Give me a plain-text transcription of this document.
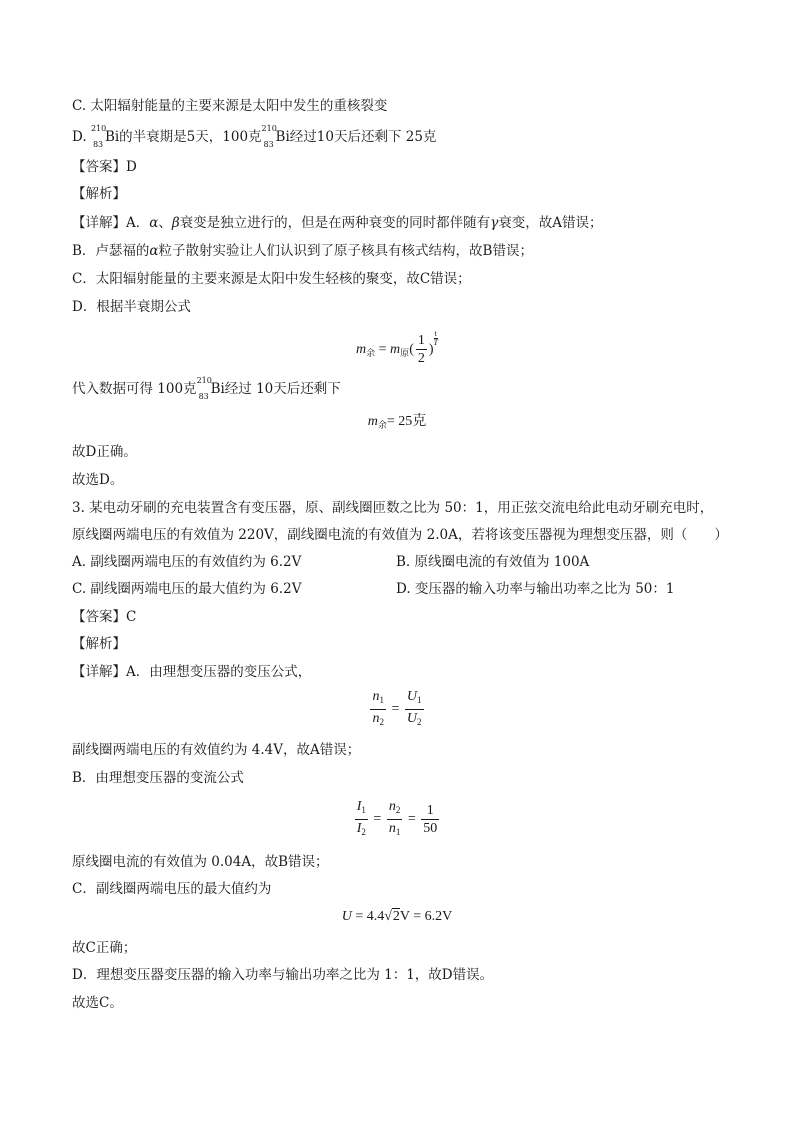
C. 太阳辐射能量的主要来源是太阳中发生的重核裂变
D.
210
83 Bi的半衰期是5天，100克
210
83 Bi经过10天后还剩下 25克
【答案】D
【解析】
【详解】A．α、β衰变是独立进行的，但是在两种衰变的同时都伴随有γ衰变，故A错误；
B．卢瑟福的α粒子散射实验让人们认识到了原子核具有核式结构，故B错误；
C．太阳辐射能量的主要来源是太阳中发生轻核的聚变，故C错误；
D．根据半衰期公式
$m_余 = m_原( \frac{1}{2}$ )
$\frac{t}{T}$
代入数据可得 100克
210
83 Bi经过 10天后还剩下
$m_余= 25$克
故D正确。
故选D。
3. 某电动牙刷的充电装置含有变压器，原、副线圈匝数之比为 50：1，用正弦交流电给此电动牙刷充电时，
原线圈两端电压的有效值为 220V，副线圈电流的有效值为 2.0A，若将该变压器视为理想变压器，则（　　）
A. 副线圈两端电压的有效值约为 6.2V	B. 原线圈电流的有效值为 100A
C. 副线圈两端电压的最大值约为 6.2V	D. 变压器的输入功率与输出功率之比为 50：1
【答案】C
【解析】
【详解】A．由理想变压器的变压公式，
$\frac{n_1}{n_2} = \frac{U_1}{U_2}$
副线圈两端电压的有效值约为 4.4V，故A错误；
B．由理想变压器的变流公式
$\frac{I_1}{I_2} = \frac{n_2}{n_1} = \frac{1}{50}$
原线圈电流的有效值为 0.04A，故B错误；
C．副线圈两端电压的最大值约为
U = 4.4√2V = 6.2V
故C正确；
D．理想变压器变压器的输入功率与输出功率之比为 1：1，故D错误。
故选C。
